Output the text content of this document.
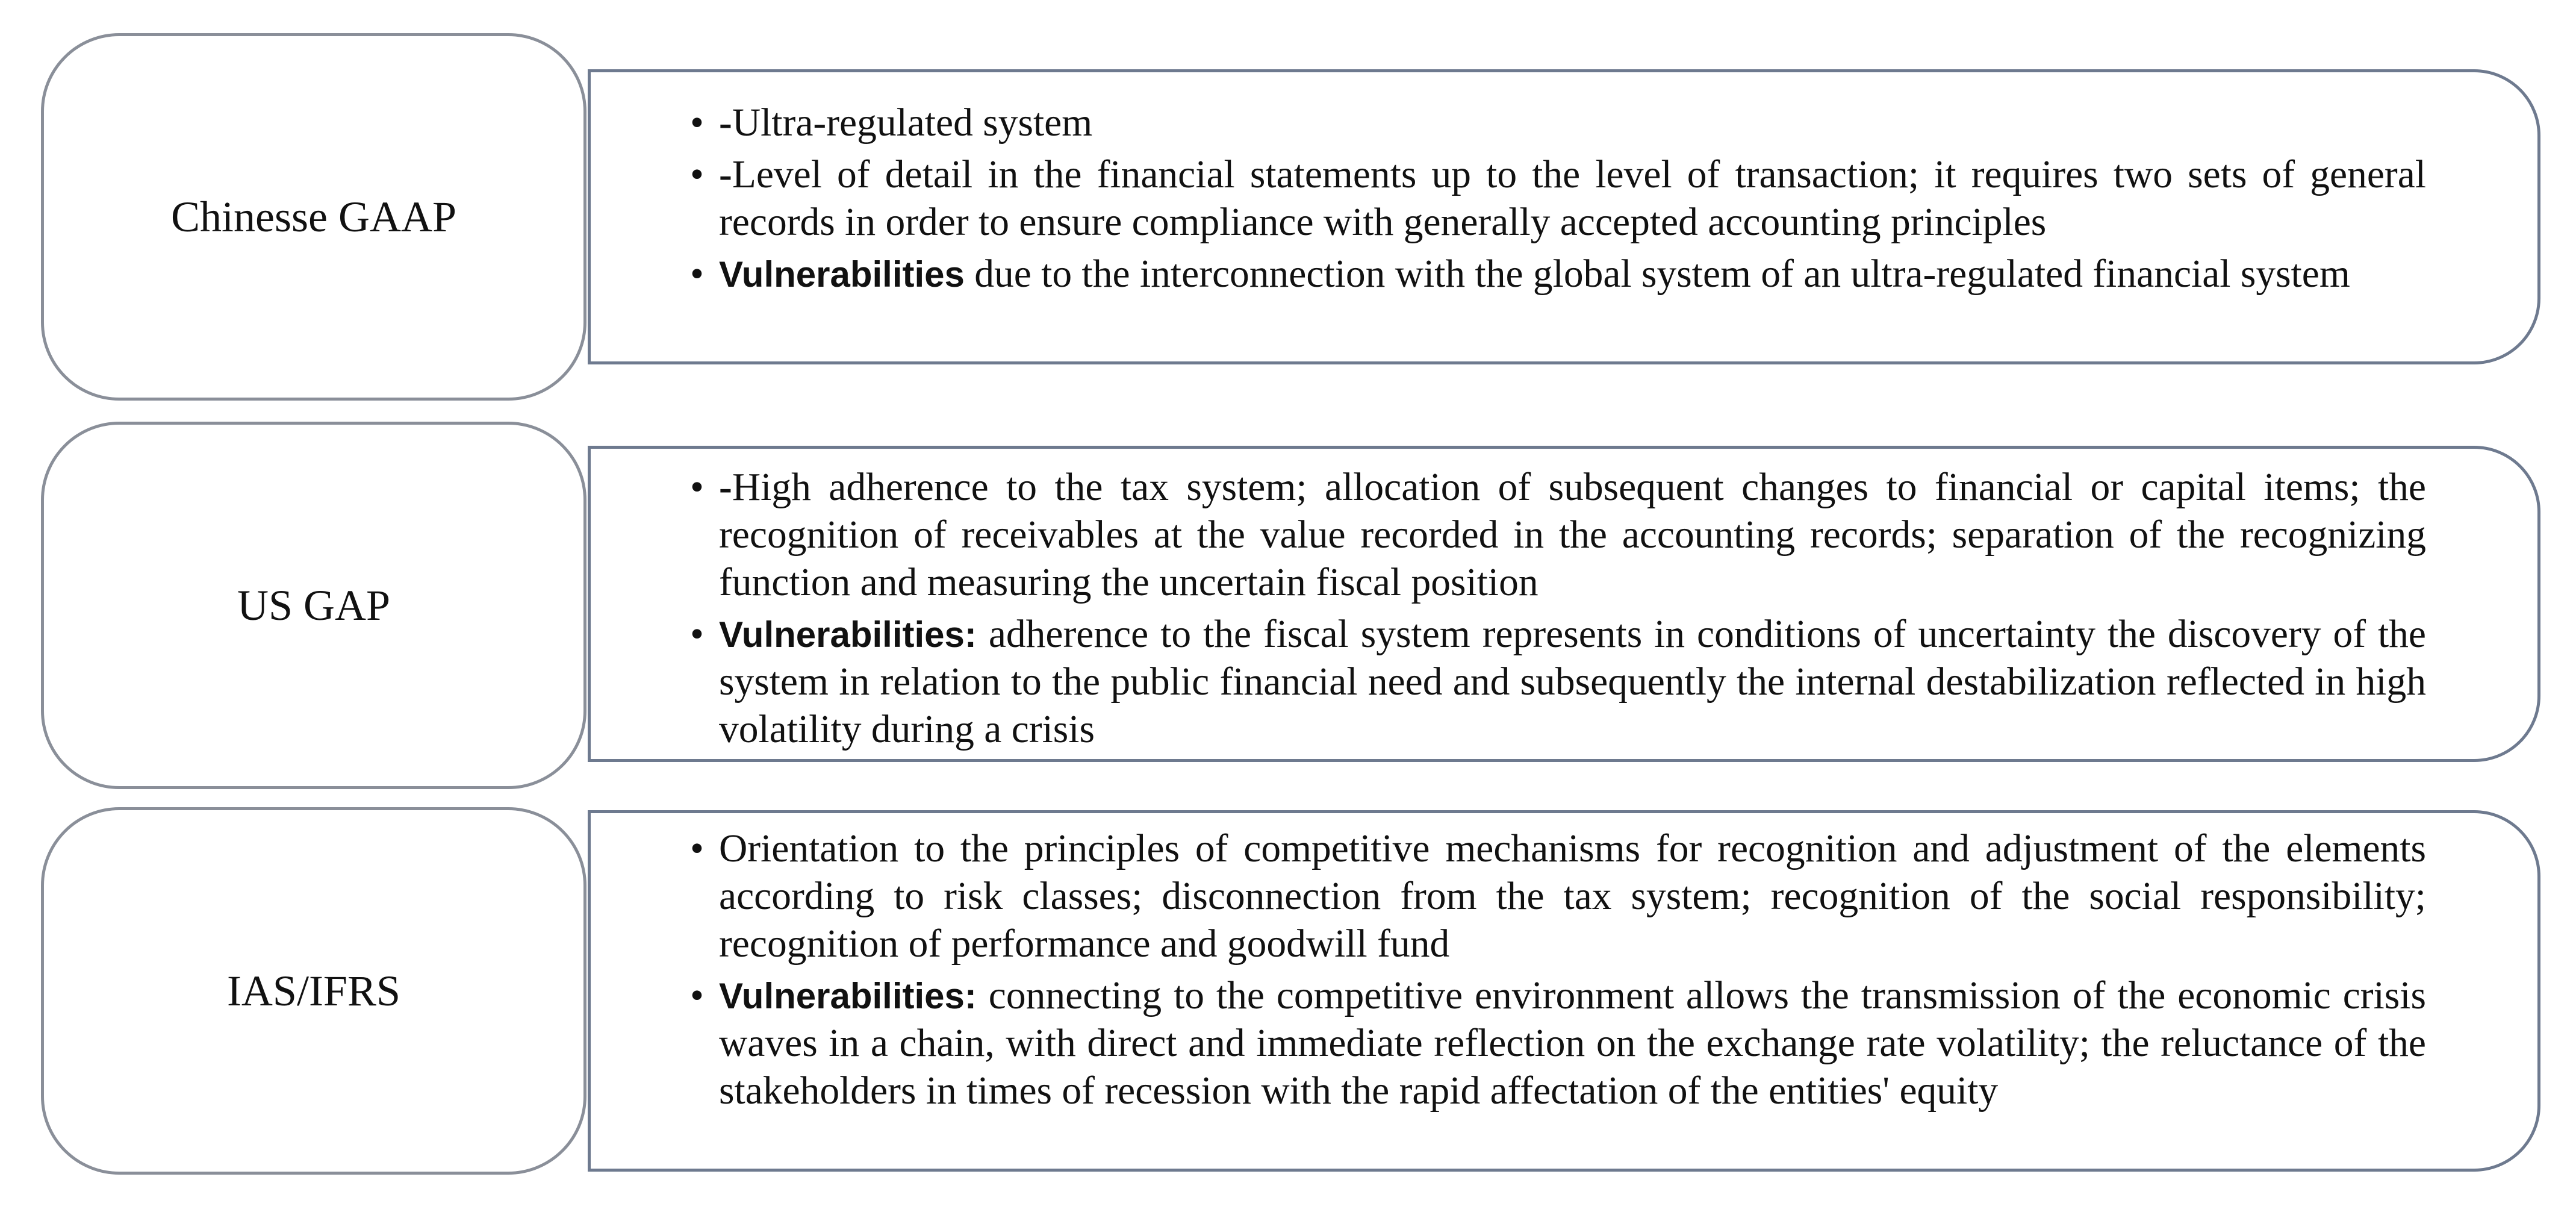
Chinesse GAAP
• -Ultra-regulated system
• -Level of detail in the financial statements up to the level of transaction; it requires two sets of general records in order to ensure compliance with generally accepted accounting principles
• Vulnerabilities due to the interconnection with the global system of an ultra-regulated financial system
US GAP
• -High adherence to the tax system; allocation of subsequent changes to financial or capital items; the recognition of receivables at the value recorded in the accounting records; separation of the recognizing function and measuring the uncertain fiscal position
• Vulnerabilities: adherence to the fiscal system represents in conditions of uncertainty the discovery of the system in relation to the public financial need and subsequently the internal destabilization reflected in high volatility during a crisis
IAS/IFRS
• Orientation to the principles of competitive mechanisms for recognition and adjustment of the elements according to risk classes; disconnection from the tax system; recognition of the social responsibility; recognition of performance and goodwill fund
• Vulnerabilities: connecting to the competitive environment allows the transmission of the economic crisis waves in a chain, with direct and immediate reflection on the exchange rate volatility; the reluctance of the stakeholders in times of recession with the rapid affectation of the entities' equity
